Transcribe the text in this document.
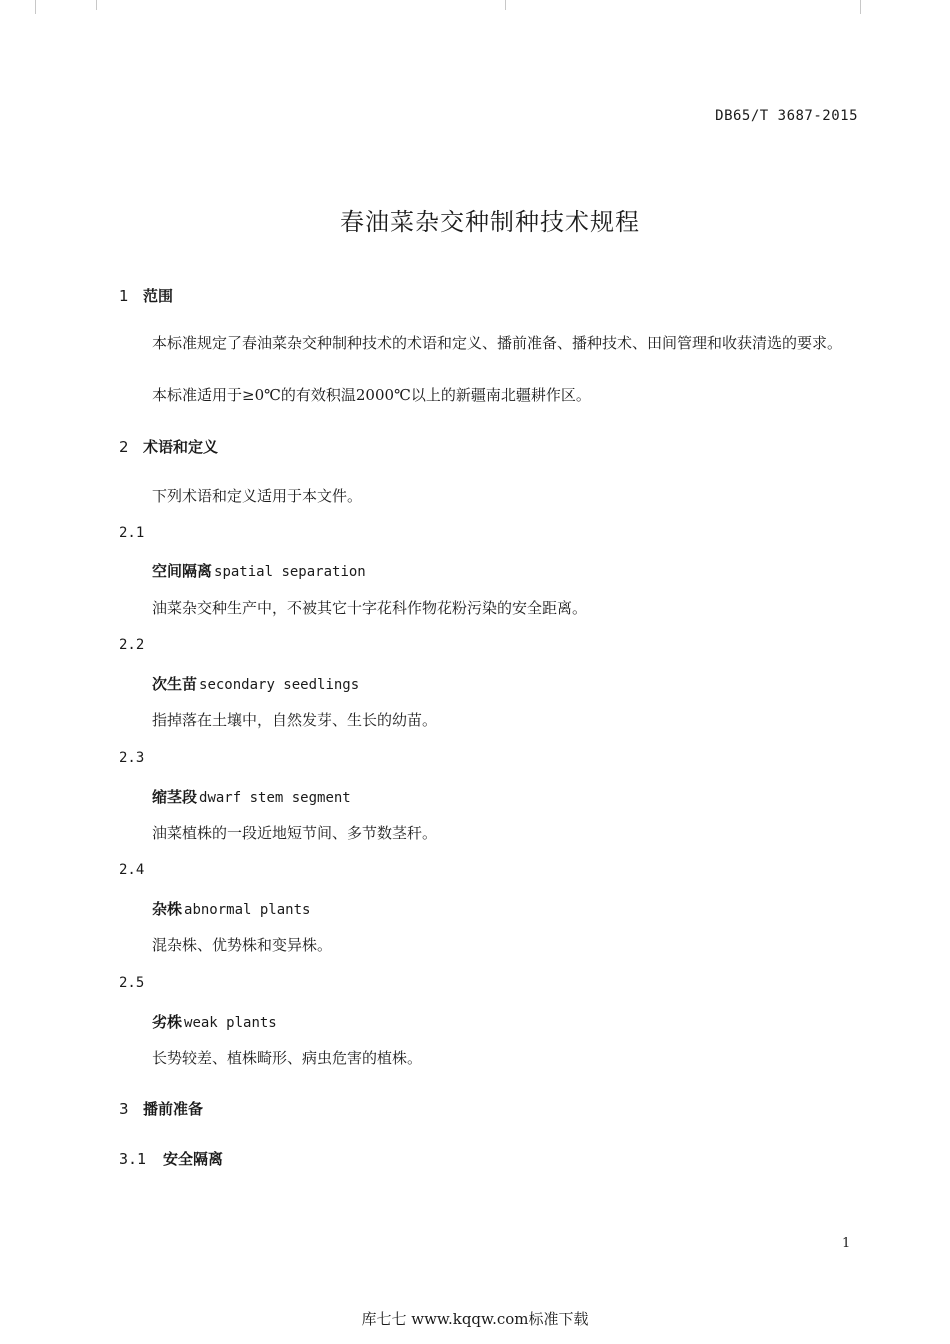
DB65/T 3687-2015
春油菜杂交种制种技术规程
1 范围
本标准规定了春油菜杂交种制种技术的术语和定义、播前准备、播种技术、田间管理和收获清选的要求。
本标准适用于≥0℃的有效积温2000℃以上的新疆南北疆耕作区。
2 术语和定义
下列术语和定义适用于本文件。
2.1
空间隔离 spatial separation
油菜杂交种生产中，不被其它十字花科作物花粉污染的安全距离。
2.2
次生苗 secondary seedlings
指掉落在土壤中，自然发芽、生长的幼苗。
2.3
缩茎段 dwarf stem segment
油菜植株的一段近地短节间、多节数茎秆。
2.4
杂株 abnormal plants
混杂株、优势株和变异株。
2.5
劣株 weak plants
长势较差、植株畸形、病虫危害的植株。
3 播前准备
3.1 安全隔离
1
库七七 www.kqqw.com标准下载
